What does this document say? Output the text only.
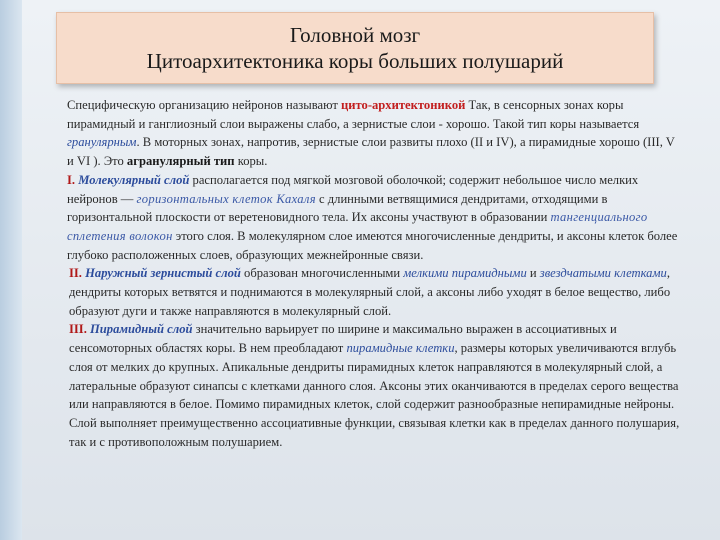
Головной мозг
Цитоархитектоника коры больших полушарий

Специфическую организацию нейронов называют цито-архитектоникой Так, в сенсорных зонах коры пирамидный и ганглиозный слои выражены слабо, а зернистые слои - хорошо. Такой тип коры называется гранулярным. В моторных зонах, напротив, зернистые слои развиты плохо (II и IV), а пирамидные хорошо (III, V и VI ). Это агранулярный тип коры.

I. Молекулярный слой располагается под мягкой мозговой оболочкой; содержит небольшое число мелких нейронов — горизонтальных клеток Кахаля с длинными ветвящимися дендритами, отходящими в горизонтальной плоскости от веретеновидного тела. Их аксоны участвуют в образовании тангенциального сплетения волокон этого слоя. В молекулярном слое имеются многочисленные дендриты, и аксоны клеток более глубоко расположенных слоев, образующих межнейронные связи.

II. Наружный зернистый слой образован многочисленными мелкими пирамидными и звездчатыми клетками, дендриты которых ветвятся и поднимаются в молекулярный слой, а аксоны либо уходят в белое вещество, либо образуют дуги и также направляются в молекулярный слой.

III. Пирамидный слой значительно варьирует по ширине и максимально выражен в ассоциативных и сенсомоторных областях коры. В нем преобладают пирамидные клетки, размеры которых увеличиваются вглубь слоя от мелких до крупных. Апикальные дендриты пирамидных клеток направляются в молекулярный слой, а латеральные образуют синапсы с клетками данного слоя. Аксоны этих оканчиваются в пределах серого вещества или направляются в белое. Помимо пирамидных клеток, слой содержит разнообразные непирамидные нейроны. Слой выполняет преимущественно ассоциативные функции, связывая клетки как в пределах данного полушария, так и с противоположным полушарием.
